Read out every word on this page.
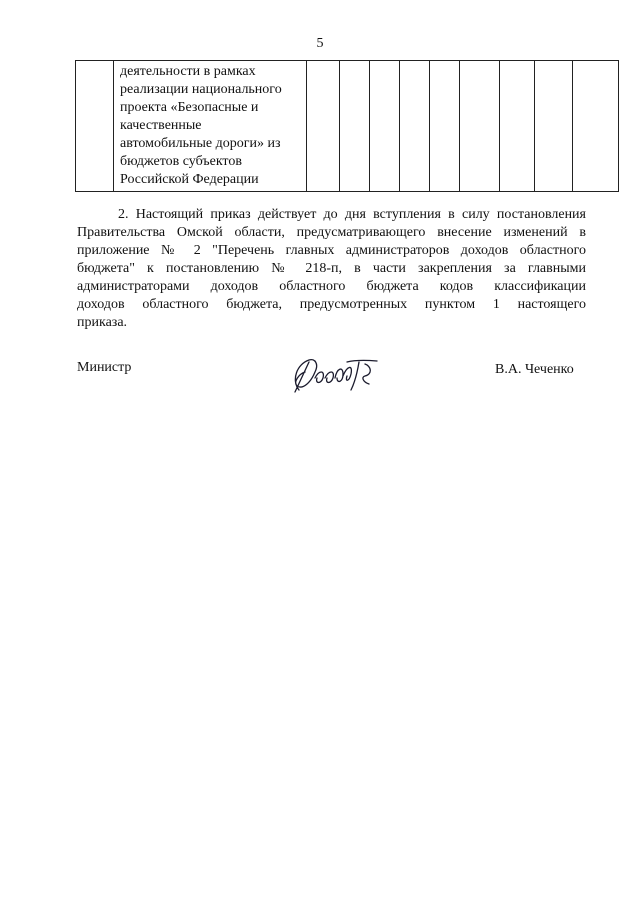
5

деятельности в рамках
реализации национального
проекта «Безопасные и
качественные
автомобильные дороги» из
бюджетов субъектов
Российской Федерации

2. Настоящий приказ действует до дня вступления в силу постановления
Правительства Омской области, предусматривающего внесение изменений в
приложение № 2 "Перечень главных администраторов доходов областного
бюджета" к постановлению № 218-п, в части закрепления за главными
администраторами доходов областного бюджета кодов классификации
доходов областного бюджета, предусмотренных пунктом 1 настоящего
приказа.
Министр	В.А. Чеченко
